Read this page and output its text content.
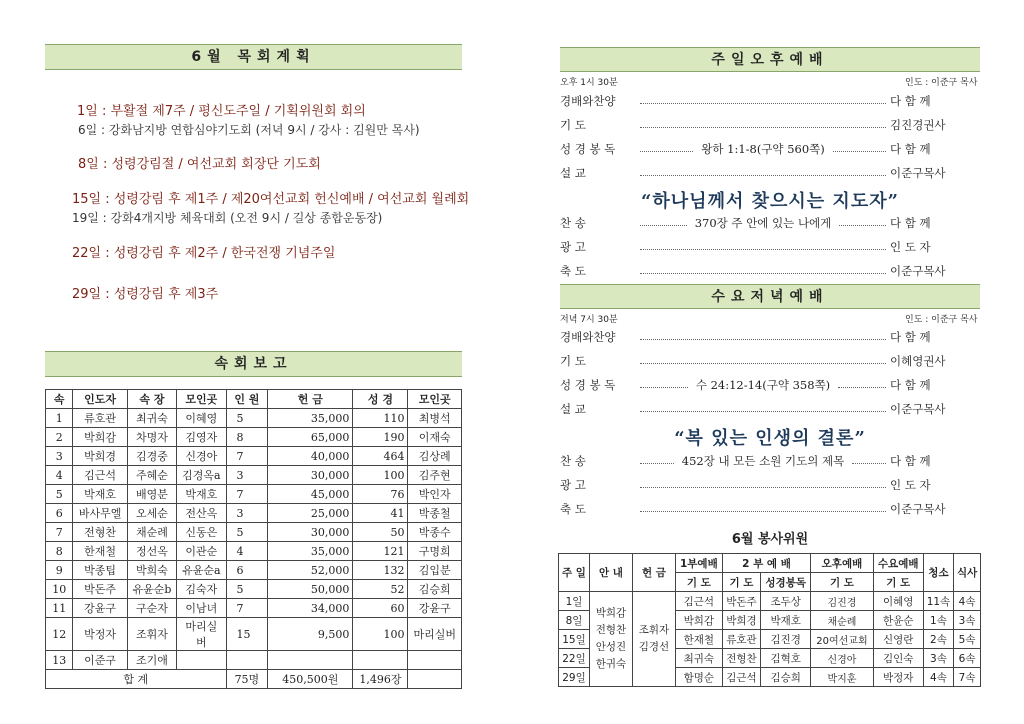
6월 목회계획
1일 : 부활절 제7주 / 평신도주일 / 기획위원회 회의
6일 : 강화남지방 연합심야기도회 (저녁 9시 / 강사 : 김원만 목사)
8일 : 성령강림절 / 여선교회 회장단 기도회
15일 : 성령강림 후 제1주 / 제20여선교회 헌신예배 / 여선교회 월례회
19일 : 강화4개지방 체육대회 (오전 9시 / 길상 종합운동장)
22일 : 성령강림 후 제2주 / 한국전쟁 기념주일
29일 : 성령강림 후 제3주
속회보고
속	인도자	속 장	모인곳	인 원	헌 금	성 경	모인곳
1	류호관	최귀숙	이혜영	5	35,000	110	최병석
2	박희감	차명자	김영자	8	65,000	190	이재숙
3	박희경	김경중	신경아	7	40,000	464	김상례
4	김근석	주혜순	김경옥a	3	30,000	100	김주현
5	박재호	배영분	박재호	7	45,000	76	박인자
6	바사무엘	오세순	전산옥	3	25,000	41	박종철
7	전형찬	채순례	신동은	5	30,000	50	박종수
8	한재철	정선옥	이관순	4	35,000	121	구명희
9	박종팁	박희숙	유윤순a	6	52,000	132	김입분
10	박돈주	유윤순b	김숙자	5	50,000	52	김승희
11	강윤구	구순자	이남녀	7	34,000	60	강윤구
12	박정자	조휘자	마리실버	15	9,500	100	마리실버
13	이준구	조기애					
합 계				75명	450,500원	1,496장	
주일오후예배
오후 1시 30분	인도 : 이준구 목사
경배와찬양	다 함 께
기 도	김진경권사
성 경 봉 독	왕하 1:1-8(구약 560쪽)	다 함 께
설 교	이준구목사
“하나님께서 찾으시는 지도자”
찬 송	370장 주 안에 있는 나에게	다 함 께
광 고	인 도 자
축 도	이준구목사
수요저녁예배
저녁 7시 30분	인도 : 이준구 목사
경배와찬양	다 함 께
기 도	이혜영권사
성 경 봉 독	수 24:12-14(구약 358쪽)	다 함 께
설 교	이준구목사
“복 있는 인생의 결론”
찬 송	452장 내 모든 소원 기도의 제목	다 함 께
광 고	인 도 자
축 도	이준구목사
6월 봉사위원
주 일	안 내	헌 금	1부예배	2 부 예 배		오후예배	수요예배	청소	식사
			기 도	기 도	성경봉독	기 도	기 도		
1일	박희감 전형찬 안성진 한귀숙	조휘자 김경선	김근석	박돈주	조두상	김진경	이혜영	11속	4속
8일			박희감	박희경	박재호	채순례	한윤순	1속	3속
15일			한재철	류호관	김진경	20여선교회	신영란	2속	5속
22일			최귀숙	전형찬	김혁호	신경아	김인숙	3속	6속
29일			함명순	김근석	김승희	박지훈	박정자	4속	7속
